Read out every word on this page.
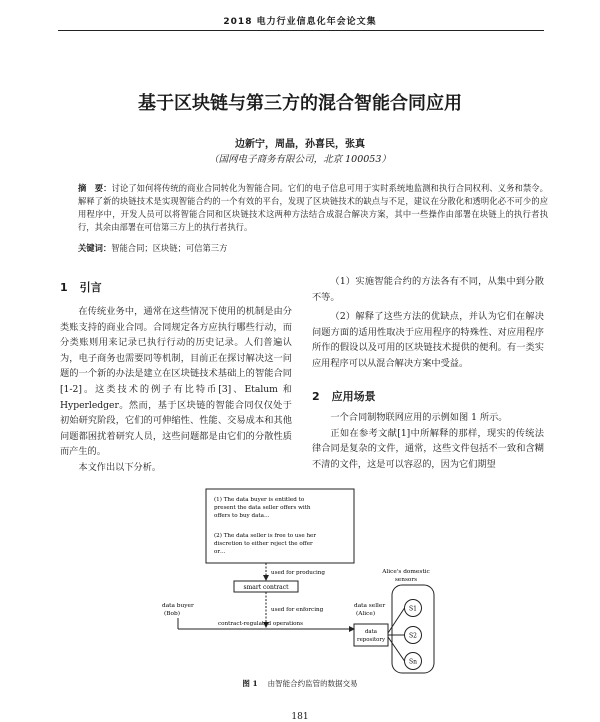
2018 电力行业信息化年会论文集
基于区块链与第三方的混合智能合同应用
边新宁，周晶，孙喜民，张真
（国网电子商务有限公司，北京 100053）
摘　要：讨论了如何将传统的商业合同转化为智能合同。它们的电子信息可用于实时系统地监测和执行合同权利、义务和禁令。解释了新的块链技术是实现智能合约的一个有效的平台，发现了区块链技术的缺点与不足，建议在分散化和透明化必不可少的应用程序中，开发人员可以将智能合同和区块链技术这两种方法结合成混合解决方案，其中一些操作由部署在块链上的执行者执行，其余由部署在可信第三方上的执行者执行。
关键词：智能合同；区块链；可信第三方
1 引言

在传统业务中，通常在这些情况下使用的机制是由分类账支持的商业合同。合同规定各方应执行哪些行动，而分类账则用来记录已执行行动的历史记录。人们普遍认为，电子商务也需要同等机制，目前正在探讨解决这一问题的一个新的办法是建立在区块链技术基础上的智能合同[1-2]。这类技术的例子有比特币[3]、Etalum 和 Hyperledger。然而，基于区块链的智能合同仅仅处于初始研究阶段，它们的可伸缩性、性能、交易成本和其他问题都困扰着研究人员，这些问题都是由它们的分散性质而产生的。

本文作出以下分析。

（1）实施智能合约的方法各有不同，从集中到分散不等。

（2）解释了这些方法的优缺点，并认为它们在解决问题方面的适用性取决于应用程序的特殊性、对应用程序所作的假设以及可用的区块链技术提供的便利。有一类实应用程序可以从混合解决方案中受益。

2 应用场景

一个合同制物联网应用的示例如图 1 所示。

正如在参考文献[1]中所解释的那样，现实的传统法律合同是复杂的文件，通常，这些文件包括不一致和含糊不清的文件，这是可以容忍的，因为它们期望

(1) The data buyer is entitled to
present the data seller offers with
offers to buy data…
(2) The data seller is free to use her
discretion to either reject the offer
or…
used for producing
smart contract
used for enforcing
data buyer
(Bob)
contract-regulated operations
data seller
(Alice)
data
repository
Alice's domestic
sensors
S1
S2
Sn
图 1 由智能合约监管的数据交易
181
